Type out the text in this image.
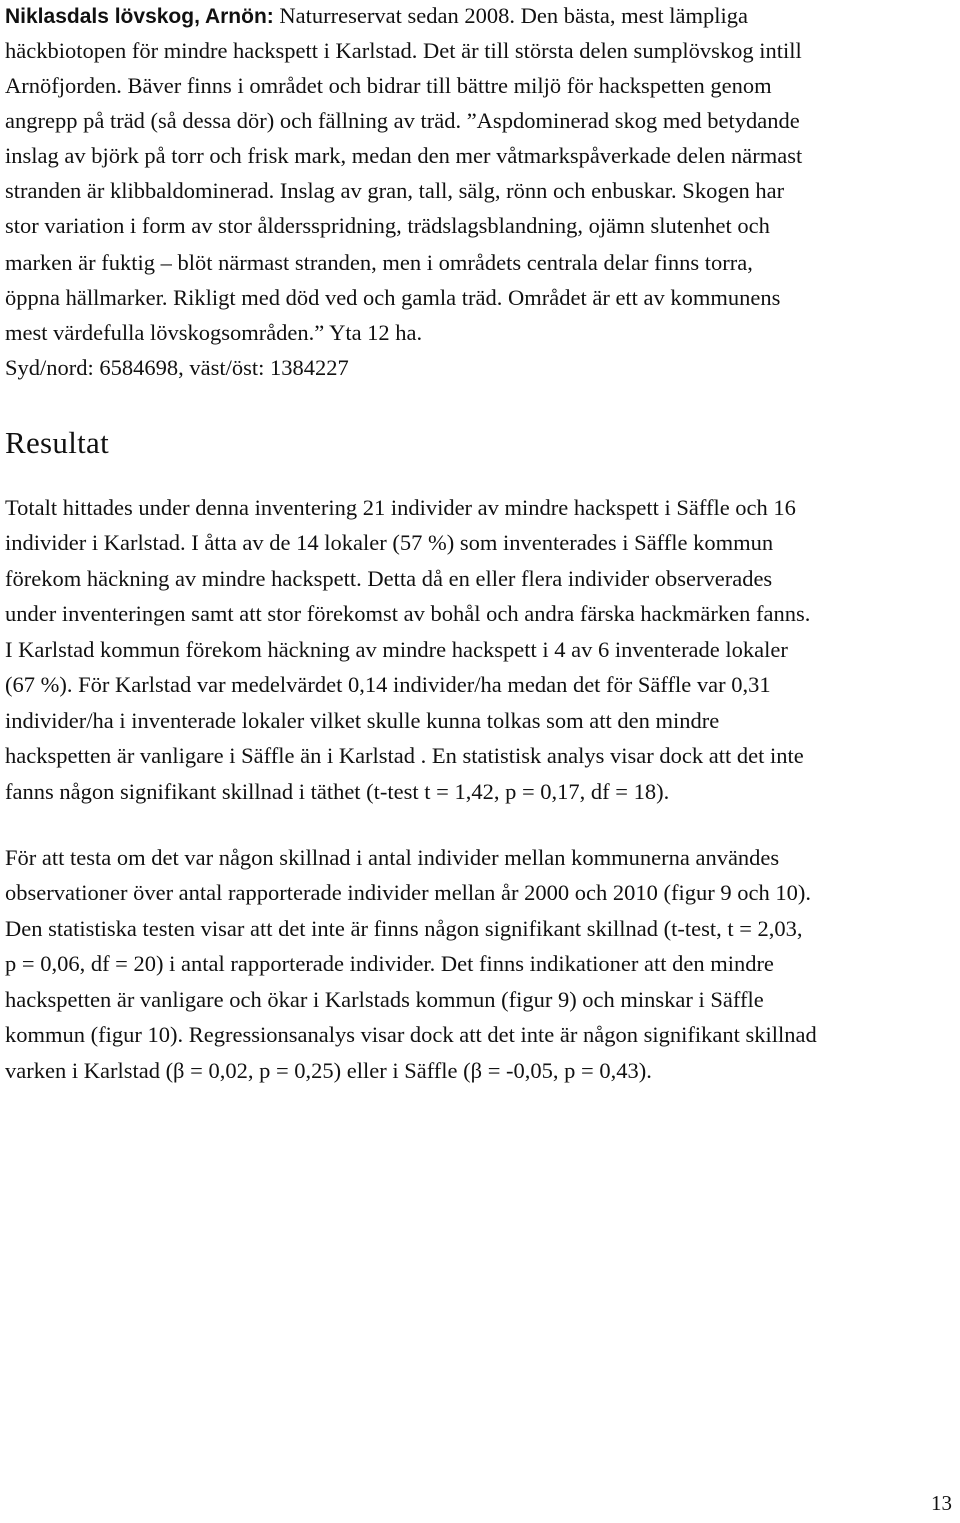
Niklasdals lövskog, Arnön: Naturreservat sedan 2008. Den bästa, mest lämpliga
häckbiotopen för mindre hackspett i Karlstad. Det är till största delen sumplövskog intill
Arnöfjorden. Bäver finns i området och bidrar till bättre miljö för hackspetten genom
angrepp på träd (så dessa dör) och fällning av träd. ”Aspdominerad skog med betydande
inslag av björk på torr och frisk mark, medan den mer våtmarkspåverkade delen närmast
stranden är klibbaldominerad. Inslag av gran, tall, sälg, rönn och enbuskar. Skogen har
stor variation i form av stor åldersspridning, trädslagsblandning, ojämn slutenhet och
marken är fuktig – blöt närmast stranden, men i områdets centrala delar finns torra,
öppna hällmarker. Rikligt med död ved och gamla träd. Området är ett av kommunens
mest värdefulla lövskogsområden.” Yta 12 ha.
Syd/nord: 6584698, väst/öst: 1384227
Resultat
Totalt hittades under denna inventering 21 individer av mindre hackspett i Säffle och 16
individer i Karlstad. I åtta av de 14 lokaler (57 %) som inventerades i Säffle kommun
förekom häckning av mindre hackspett. Detta då en eller flera individer observerades
under inventeringen samt att stor förekomst av bohål och andra färska hackmärken fanns.
I Karlstad kommun förekom häckning av mindre hackspett i 4 av 6 inventerade lokaler
(67 %). För Karlstad var medelvärdet 0,14 individer/ha medan det för Säffle var 0,31
individer/ha i inventerade lokaler vilket skulle kunna tolkas som att den mindre
hackspetten är vanligare i Säffle än i Karlstad . En statistisk analys visar dock att det inte
fanns någon signifikant skillnad i täthet (t-test t = 1,42, p = 0,17, df = 18).
För att testa om det var någon skillnad i antal individer mellan kommunerna användes
observationer över antal rapporterade individer mellan år 2000 och 2010 (figur 9 och 10).
Den statistiska testen visar att det inte är finns någon signifikant skillnad (t-test, t = 2,03,
p = 0,06, df = 20) i antal rapporterade individer. Det finns indikationer att den mindre
hackspetten är vanligare och ökar i Karlstads kommun (figur 9) och minskar i Säffle
kommun (figur 10). Regressionsanalys visar dock att det inte är någon signifikant skillnad
varken i Karlstad (β = 0,02, p = 0,25) eller i Säffle (β = -0,05, p = 0,43).
13
